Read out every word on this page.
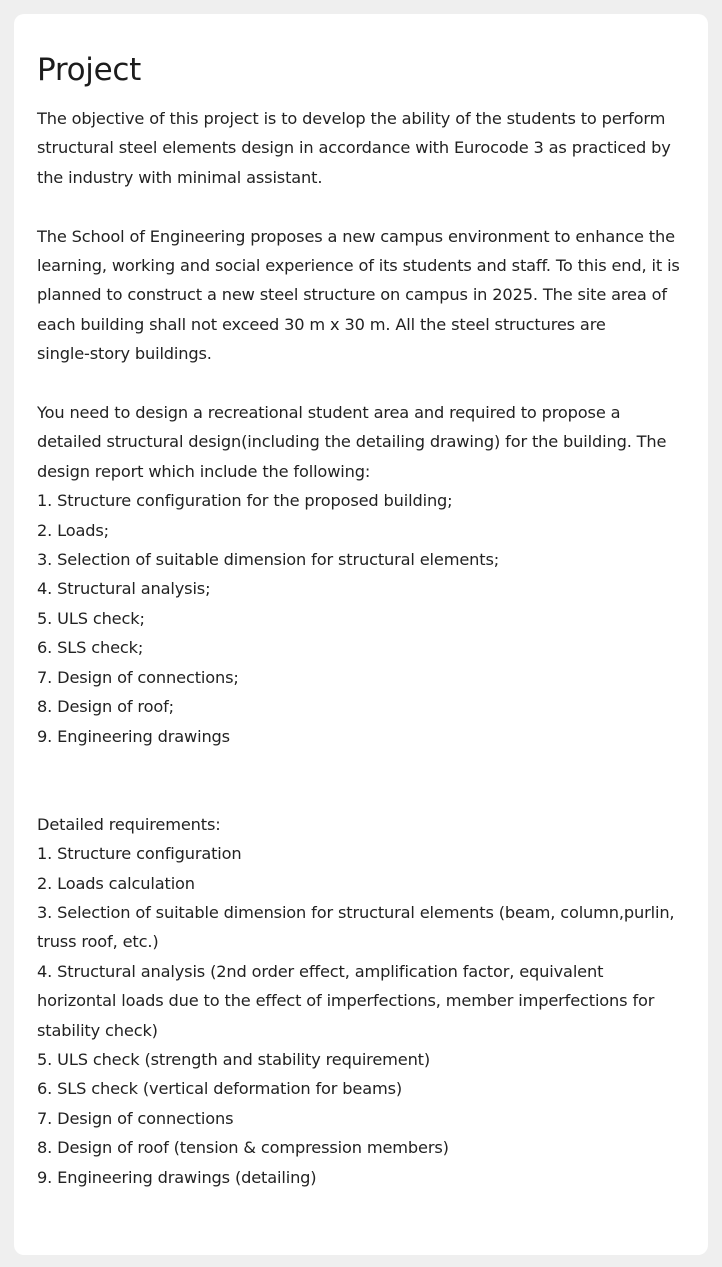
Project

The objective of this project is to develop the ability of the students to perform
structural steel elements design in accordance with Eurocode 3 as practiced by
the industry with minimal assistant.

The School of Engineering proposes a new campus environment to enhance the
learning, working and social experience of its students and staff. To this end, it is
planned to construct a new steel structure on campus in 2025. The site area of
each building shall not exceed 30 m x 30 m. All the steel structures are
single-story buildings.

You need to design a recreational student area and required to propose a
detailed structural design(including the detailing drawing) for the building. The
design report which include the following:

1. Structure configuration for the proposed building;
2. Loads;
3. Selection of suitable dimension for structural elements;
4. Structural analysis;
5. ULS check;
6. SLS check;
7. Design of connections;
8. Design of roof;
9. Engineering drawings

Detailed requirements:

1. Structure configuration
2. Loads calculation
3. Selection of suitable dimension for structural elements (beam, column,purlin,
truss roof, etc.)
4. Structural analysis (2nd order effect, amplification factor, equivalent
horizontal loads due to the effect of imperfections, member imperfections for
stability check)
5. ULS check (strength and stability requirement)
6. SLS check (vertical deformation for beams)
7. Design of connections
8. Design of roof (tension & compression members)
9. Engineering drawings (detailing)
